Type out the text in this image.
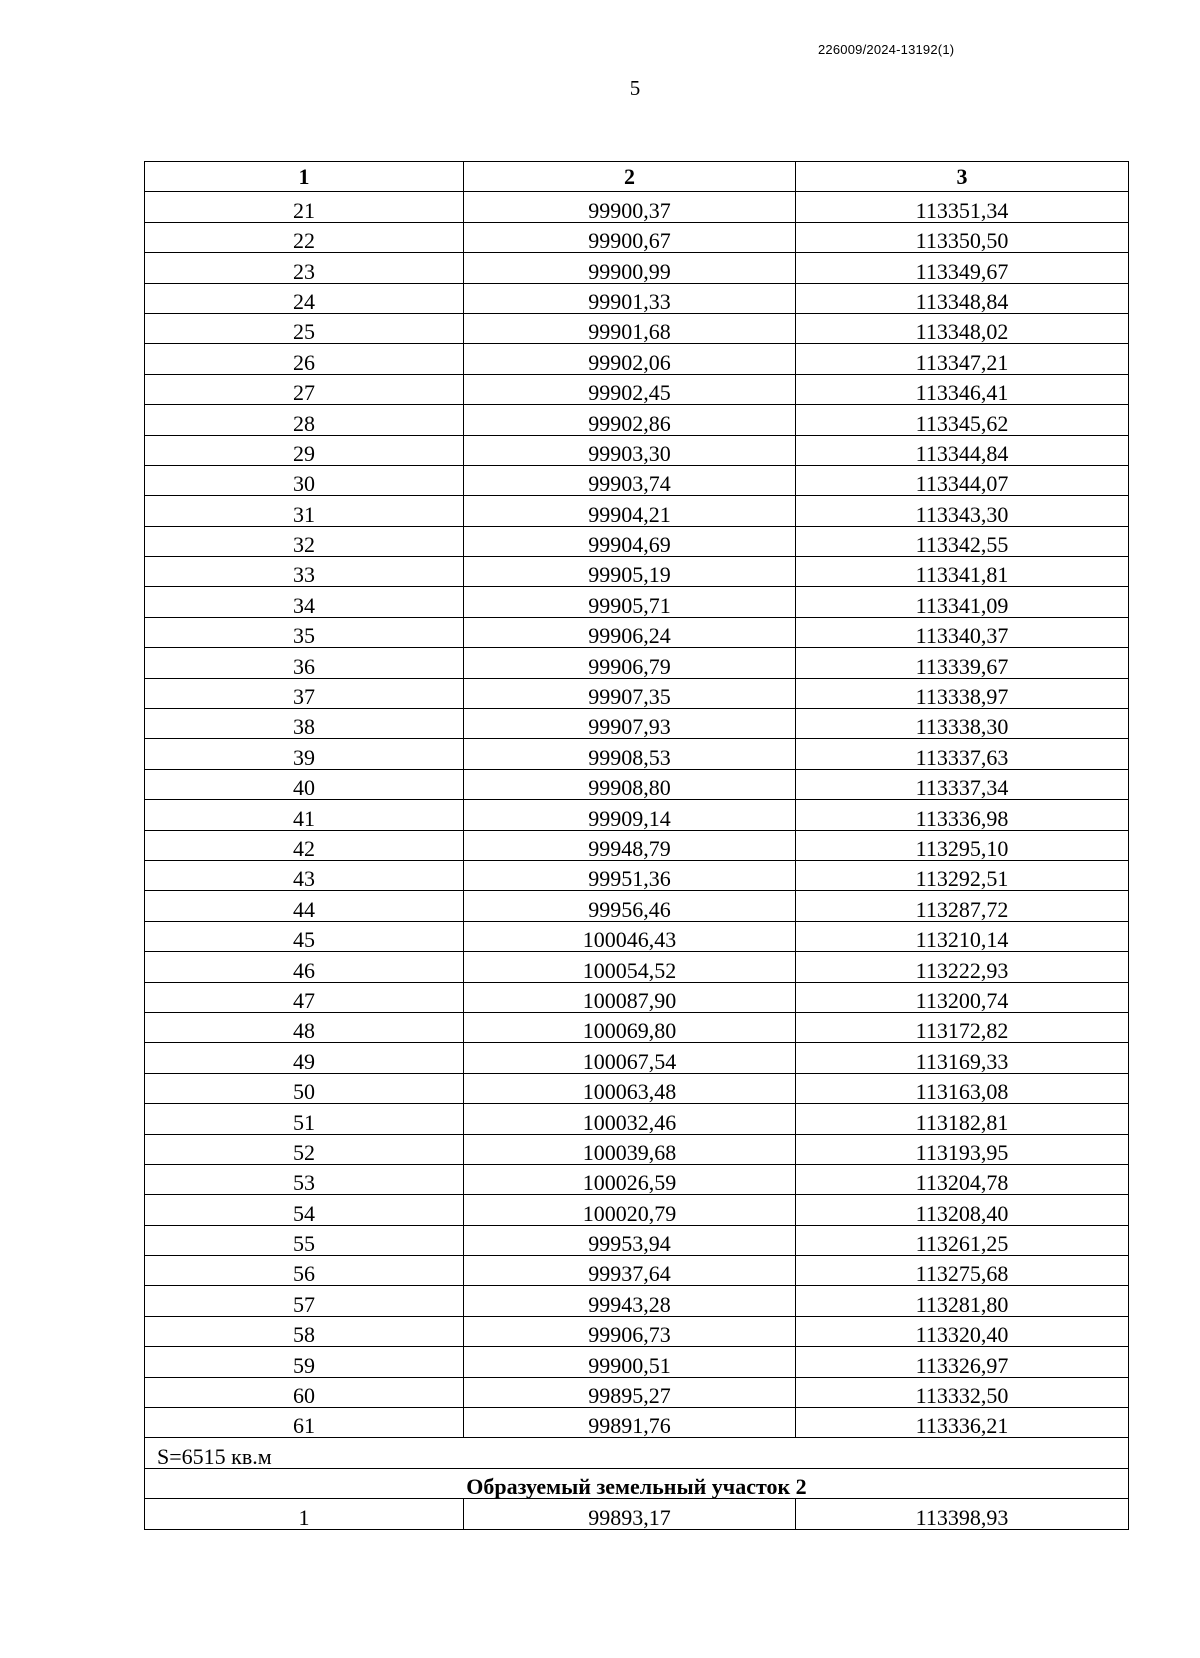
226009/2024-13192(1)
5
1	2	3
21	99900,37	113351,34
22	99900,67	113350,50
23	99900,99	113349,67
24	99901,33	113348,84
25	99901,68	113348,02
26	99902,06	113347,21
27	99902,45	113346,41
28	99902,86	113345,62
29	99903,30	113344,84
30	99903,74	113344,07
31	99904,21	113343,30
32	99904,69	113342,55
33	99905,19	113341,81
34	99905,71	113341,09
35	99906,24	113340,37
36	99906,79	113339,67
37	99907,35	113338,97
38	99907,93	113338,30
39	99908,53	113337,63
40	99908,80	113337,34
41	99909,14	113336,98
42	99948,79	113295,10
43	99951,36	113292,51
44	99956,46	113287,72
45	100046,43	113210,14
46	100054,52	113222,93
47	100087,90	113200,74
48	100069,80	113172,82
49	100067,54	113169,33
50	100063,48	113163,08
51	100032,46	113182,81
52	100039,68	113193,95
53	100026,59	113204,78
54	100020,79	113208,40
55	99953,94	113261,25
56	99937,64	113275,68
57	99943,28	113281,80
58	99906,73	113320,40
59	99900,51	113326,97
60	99895,27	113332,50
61	99891,76	113336,21
S=6515 кв.м		
Образуемый земельный участок 2		
1	99893,17	113398,93
